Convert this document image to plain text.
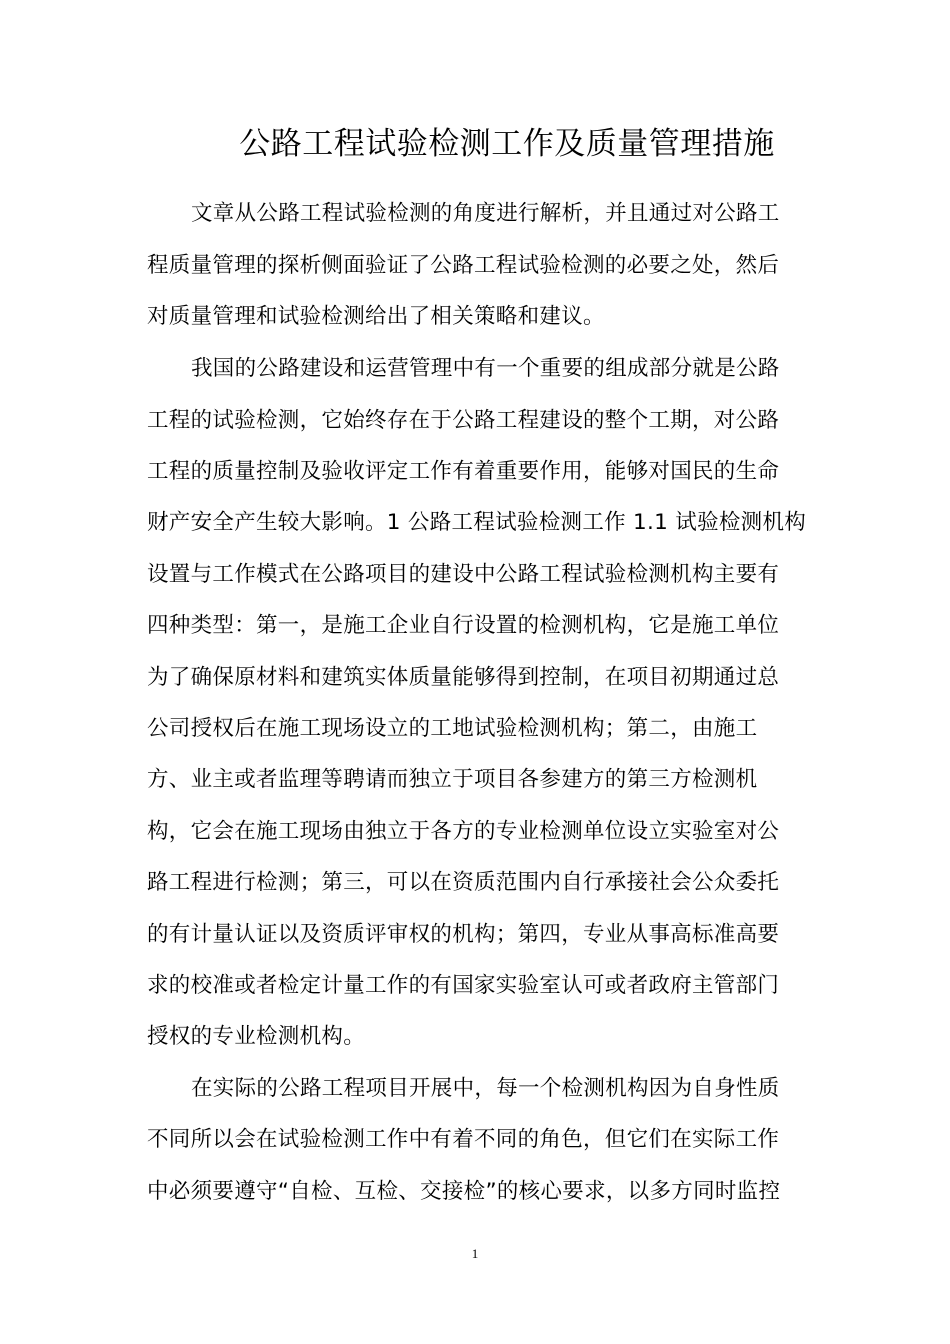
公路工程试验检测工作及质量管理措施

文章从公路工程试验检测的角度进行解析，并且通过对公路工

程质量管理的探析侧面验证了公路工程试验检测的必要之处，然后

对质量管理和试验检测给出了相关策略和建议。

我国的公路建设和运营管理中有一个重要的组成部分就是公路

工程的试验检测，它始终存在于公路工程建设的整个工期，对公路

工程的质量控制及验收评定工作有着重要作用，能够对国民的生命

财产安全产生较大影响。1 公路工程试验检测工作 1.1 试验检测机构

设置与工作模式在公路项目的建设中公路工程试验检测机构主要有

四种类型：第一，是施工企业自行设置的检测机构，它是施工单位

为了确保原材料和建筑实体质量能够得到控制，在项目初期通过总

公司授权后在施工现场设立的工地试验检测机构；第二，由施工

方、业主或者监理等聘请而独立于项目各参建方的第三方检测机

构，它会在施工现场由独立于各方的专业检测单位设立实验室对公

路工程进行检测；第三，可以在资质范围内自行承接社会公众委托

的有计量认证以及资质评审权的机构；第四，专业从事高标准高要

求的校准或者检定计量工作的有国家实验室认可或者政府主管部门

授权的专业检测机构。

在实际的公路工程项目开展中，每一个检测机构因为自身性质

不同所以会在试验检测工作中有着不同的角色，但它们在实际工作

中必须要遵守“自检、互检、交接检”的核心要求，以多方同时监控

1
